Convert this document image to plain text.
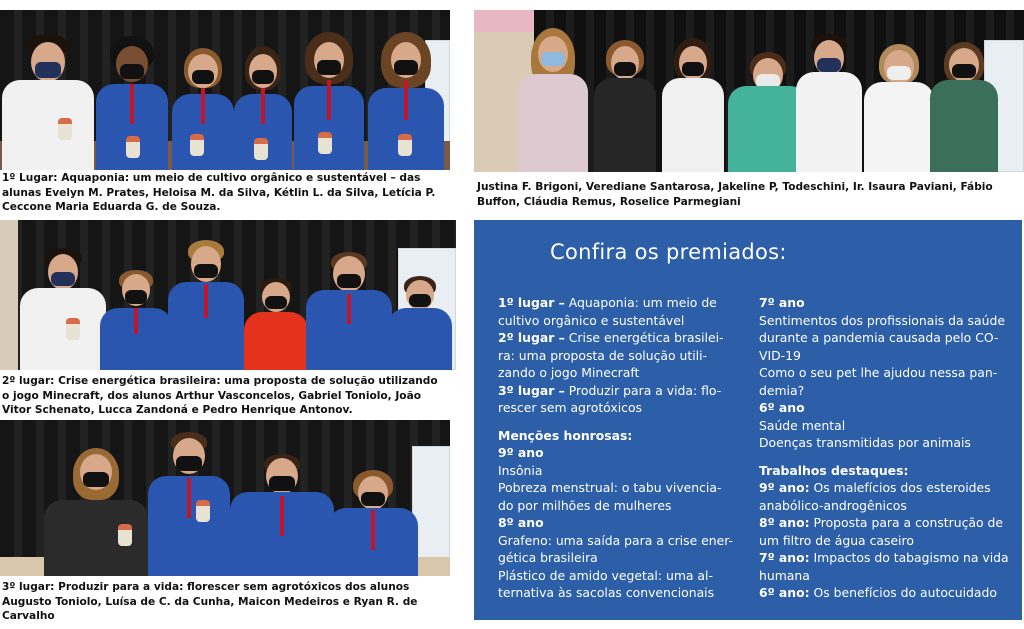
1º Lugar: Aquaponia: um meio de cultivo orgânico e sustentável – das
alunas Evelyn M. Prates, Heloisa M. da Silva, Kétlin L. da Silva, Letícia P.
Ceccone Maria Eduarda G. de Souza.
Justina F. Brigoni, Verediane Santarosa, Jakeline P, Todeschini, Ir. Isaura Paviani, Fábio
Buffon, Cláudia Remus, Roselice Parmegiani
2º lugar: Crise energética brasileira: uma proposta de solução utilizando
o jogo Minecraft, dos alunos Arthur Vasconcelos, Gabriel Toniolo, João
Vitor Schenato, Lucca Zandoná e Pedro Henrique Antonov.
3º lugar: Produzir para a vida: florescer sem agrotóxicos dos alunos
Augusto Toniolo, Luísa de C. da Cunha, Maicon Medeiros e Ryan R. de
Carvalho
Confira os premiados:
1º lugar – Aquaponia: um meio de
cultivo orgânico e sustentável
2º lugar – Crise energética brasilei-
ra: uma proposta de solução utili-
zando o jogo Minecraft
3º lugar – Produzir para a vida: flo-
rescer sem agrotóxicos
Menções honrosas:
9º ano
Insônia
Pobreza menstrual: o tabu vivencia-
do por milhões de mulheres
8º ano
Grafeno: uma saída para a crise ener-
gética brasileira
Plástico de amido vegetal: uma al-
ternativa às sacolas convencionais
7º ano
Sentimentos dos profissionais da saúde
durante a pandemia causada pelo CO-
VID-19
Como o seu pet lhe ajudou nessa pan-
demia?
6º ano
Saúde mental
Doenças transmitidas por animais
Trabalhos destaques:
9º ano: Os malefícios dos esteroides
anabólico-androgênicos
8º ano: Proposta para a construção de
um filtro de água caseiro
7º ano: Impactos do tabagismo na vida
humana
6º ano: Os benefícios do autocuidado
